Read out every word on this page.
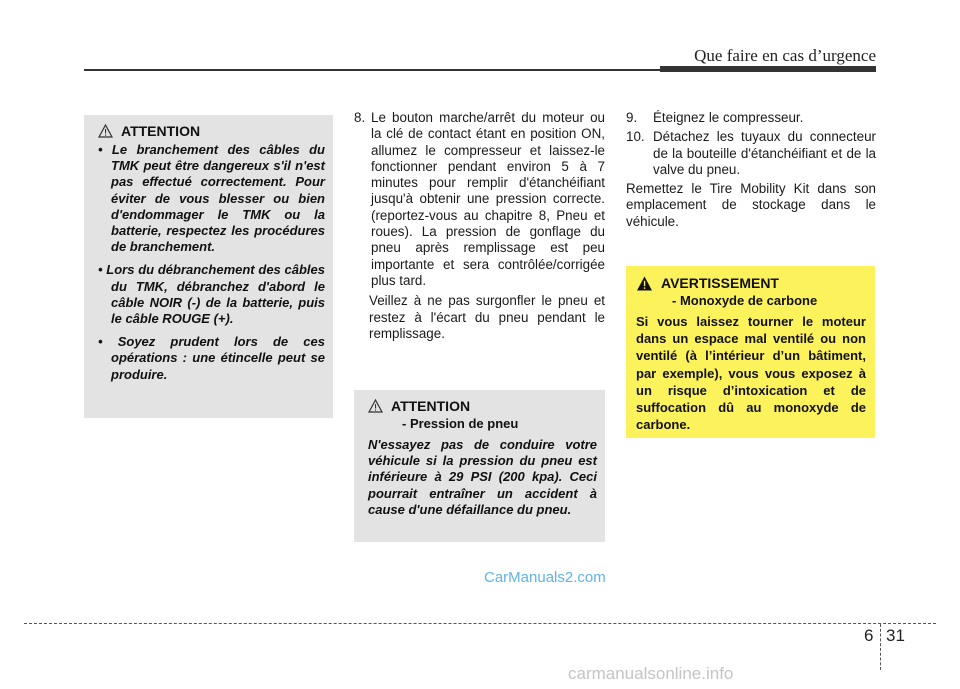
Que faire en cas d’urgence
ATTENTION
• Le branchement des câbles du TMK peut être dangereux s'il n'est pas effectué correctement. Pour éviter de vous blesser ou bien d'endommager le TMK ou la batterie, respectez les procédures de branchement.
• Lors du débranchement des câbles du TMK, débranchez d'abord le câble NOIR (-) de la batterie, puis le câble ROUGE (+).
• Soyez prudent lors de ces opérations : une étincelle peut se produire.
8. Le bouton marche/arrêt du moteur ou la clé de contact étant en position ON, allumez le compresseur et laissez-le fonctionner pendant environ 5 à 7 minutes pour remplir d'étanchéifiant jusqu'à obtenir une pression correcte. (reportez-vous au chapitre 8, Pneu et roues). La pression de gonflage du pneu après remplissage est peu importante et sera contrôlée/corrigée plus tard.
Veillez à ne pas surgonfler le pneu et restez à l'écart du pneu pendant le remplissage.
ATTENTION
- Pression de pneu
N'essayez pas de conduire votre véhicule si la pression du pneu est inférieure à 29 PSI (200 kpa). Ceci pourrait entraîner un accident à cause d'une défaillance du pneu.
9.	Éteignez le compresseur.
10. Détachez les tuyaux du connecteur de la bouteille d'étanchéifiant et de la valve du pneu.
Remettez le Tire Mobility Kit dans son emplacement de stockage dans le véhicule.
AVERTISSEMENT
- Monoxyde de carbone
Si vous laissez tourner le moteur dans un espace mal ventilé ou non ventilé (à l’intérieur d’un bâtiment, par exemple), vous vous exposez à un risque d’intoxication et de suffocation dû au monoxyde de carbone.
CarManuals2.com
6 31
carmanualsonline.info
